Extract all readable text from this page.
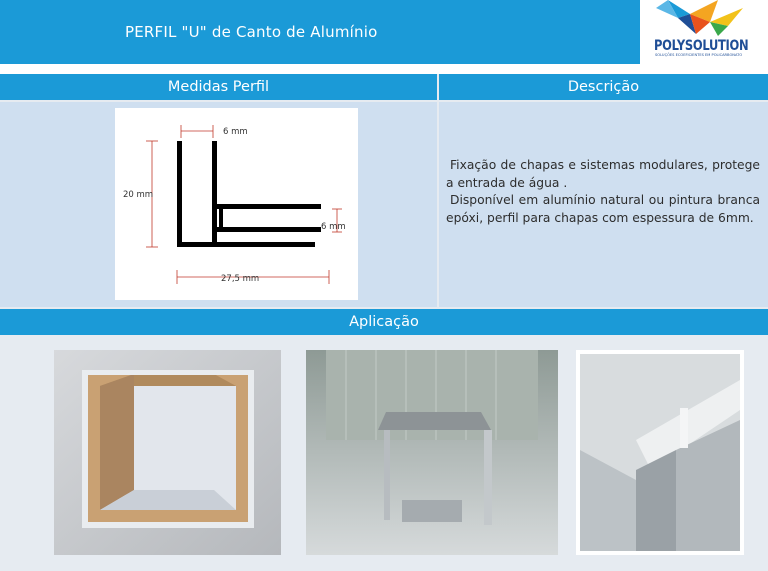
PERFIL "U" de Canto de Alumínio
POLYSOLUTION
SOLUÇÕES ECOEFICIENTES EM POLICARBONATO
Medidas Perfil	Descrição
6 mm
20 mm
6 mm
27,5 mm

Fixação de chapas e sistemas modulares, protege a entrada de água .

Disponível em alumínio natural ou pintura branca epóxi, perfil para chapas com espessura de 6mm.

Aplicação
